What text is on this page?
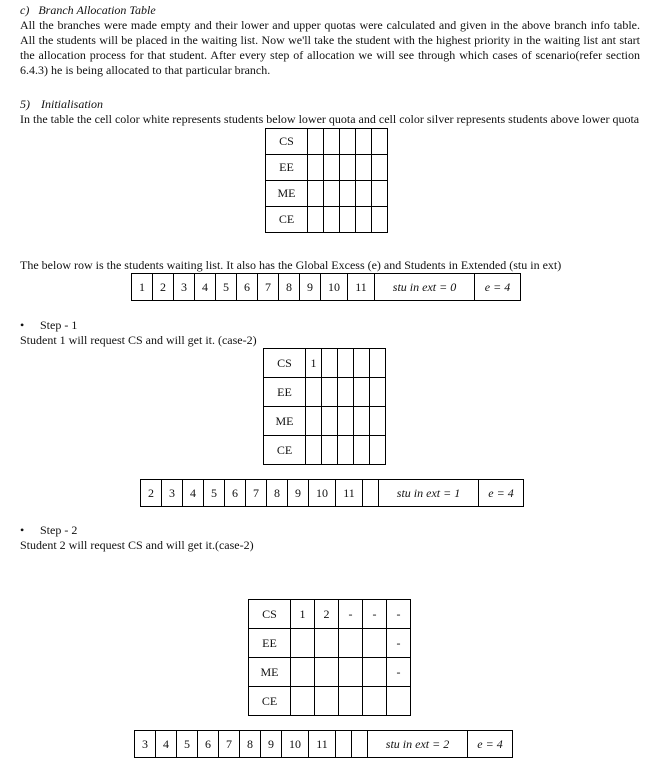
c) Branch Allocation Table
All the branches were made empty and their lower and upper quotas were calculated and given in the above branch info table. All the students will be placed in the waiting list. Now we'll take the student with the highest priority in the waiting list ant start the allocation process for that student. After every step of allocation we will see through which cases of scenario(refer section 6.4.3) he is being allocated to that particular branch.
5) Initialisation
In the table the cell color white represents students below lower quota and cell color silver represents students above lower quota
CS					
EE					
ME					
CE					
The below row is the students waiting list. It also has the Global Excess (e) and Students in Extended (stu in ext)
1	2	3	4	5	6	7	8	9	10	11	stu in ext = 0	e = 4
• Step - 1
Student 1 will request CS and will get it. (case-2)
CS	1				
EE					
ME					
CE					
2	3	4	5	6	7	8	9	10	11		stu in ext = 1	e = 4
• Step - 2
Student 2 will request CS and will get it.(case-2)
CS	1	2	-	-	-
EE					-
ME					-
CE					
3	4	5	6	7	8	9	10	11			stu in ext = 2	e = 4
